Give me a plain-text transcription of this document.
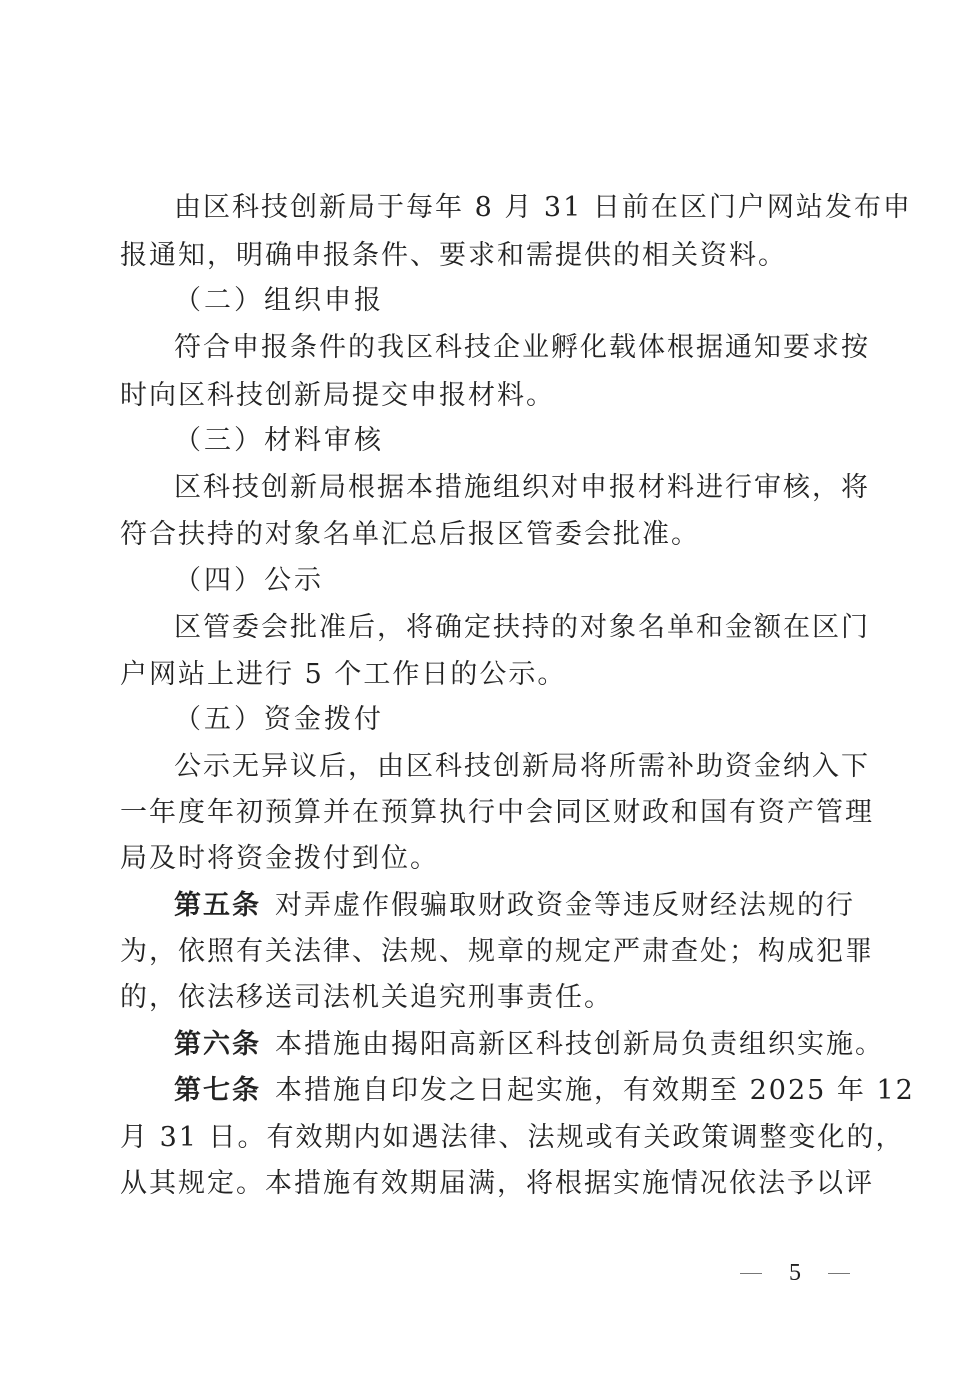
由区科技创新局于每年 8 月 31 日前在区门户网站发布申
报通知，明确申报条件、要求和需提供的相关资料。
（二）组织申报
符合申报条件的我区科技企业孵化载体根据通知要求按
时向区科技创新局提交申报材料。
（三）材料审核
区科技创新局根据本措施组织对申报材料进行审核，将
符合扶持的对象名单汇总后报区管委会批准。
（四）公示
区管委会批准后，将确定扶持的对象名单和金额在区门
户网站上进行 5 个工作日的公示。
（五）资金拨付
公示无异议后，由区科技创新局将所需补助资金纳入下
一年度年初预算并在预算执行中会同区财政和国有资产管理
局及时将资金拨付到位。
第五条 对弄虚作假骗取财政资金等违反财经法规的行
为，依照有关法律、法规、规章的规定严肃查处；构成犯罪
的，依法移送司法机关追究刑事责任。
第六条 本措施由揭阳高新区科技创新局负责组织实施。
第七条 本措施自印发之日起实施，有效期至 2025 年 12
月 31 日。有效期内如遇法律、法规或有关政策调整变化的，
从其规定。本措施有效期届满，将根据实施情况依法予以评
5
